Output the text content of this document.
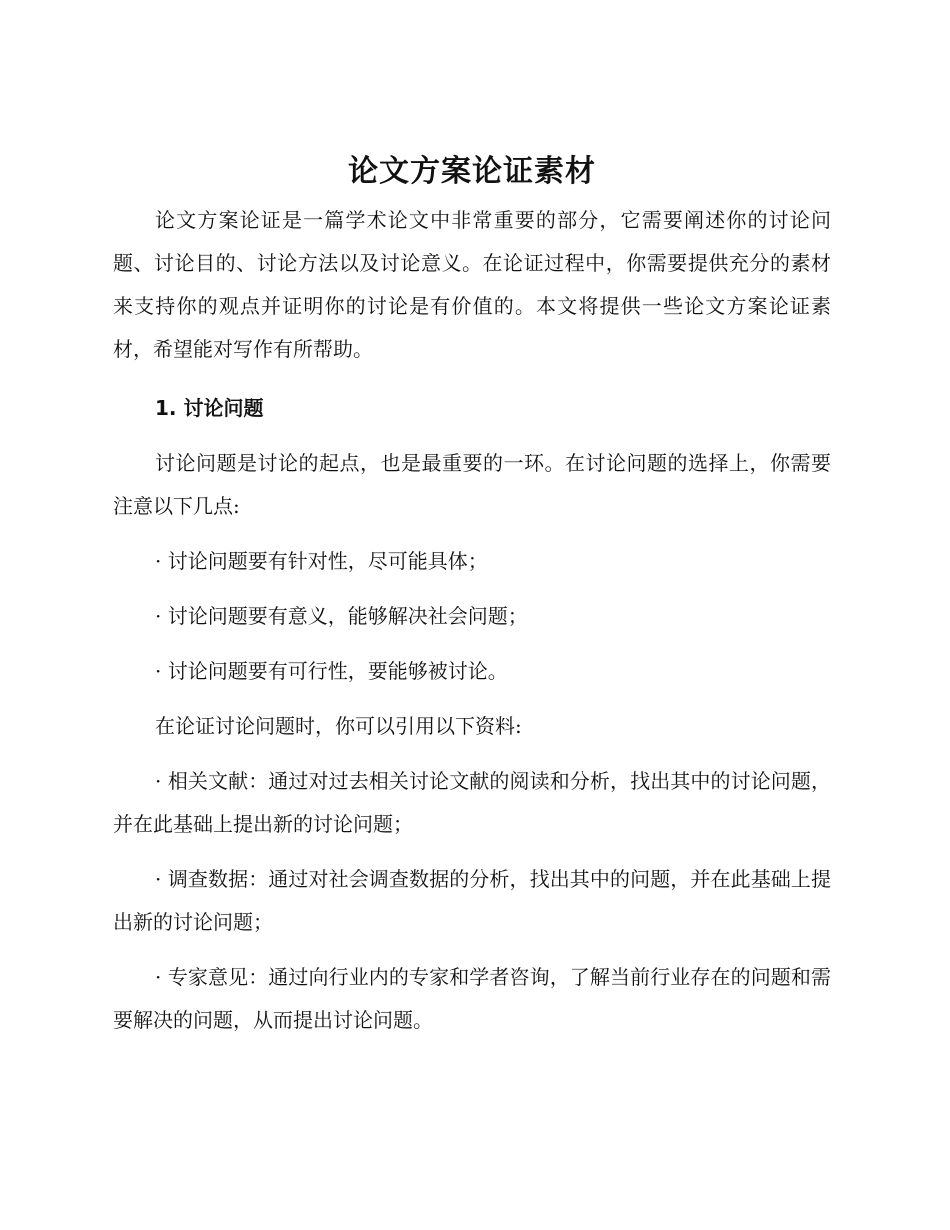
论文方案论证素材

论文方案论证是一篇学术论文中非常重要的部分，它需要阐述你的讨论问题、讨论目的、讨论方法以及讨论意义。在论证过程中，你需要提供充分的素材来支持你的观点并证明你的讨论是有价值的。本文将提供一些论文方案论证素材，希望能对写作有所帮助。

1. 讨论问题

讨论问题是讨论的起点，也是最重要的一环。在讨论问题的选择上，你需要注意以下几点:

· 讨论问题要有针对性，尽可能具体；

· 讨论问题要有意义，能够解决社会问题；

· 讨论问题要有可行性，要能够被讨论。

在论证讨论问题时，你可以引用以下资料:

· 相关文献：通过对过去相关讨论文献的阅读和分析，找出其中的讨论问题，并在此基础上提出新的讨论问题；

· 调查数据：通过对社会调查数据的分析，找出其中的问题，并在此基础上提出新的讨论问题；

· 专家意见：通过向行业内的专家和学者咨询，了解当前行业存在的问题和需要解决的问题，从而提出讨论问题。
